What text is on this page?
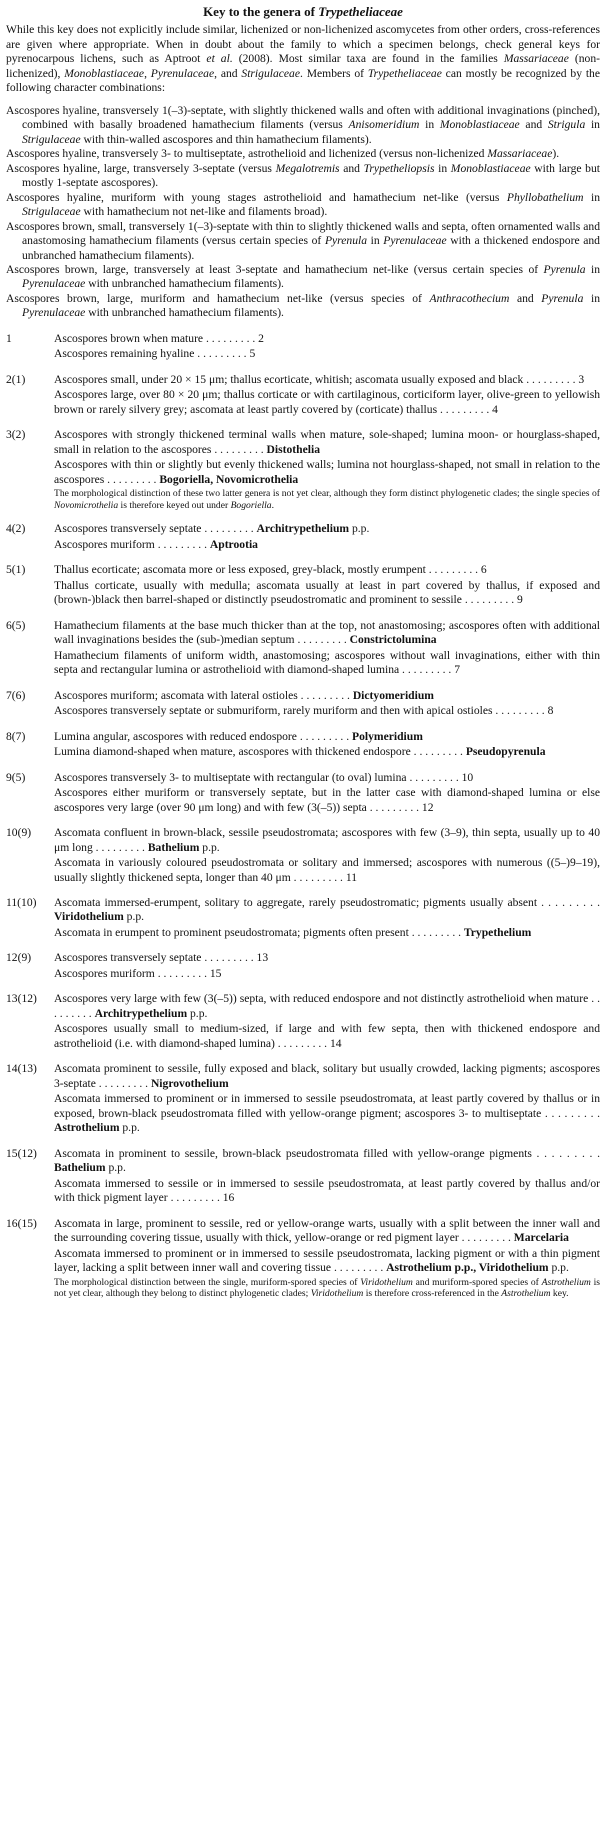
Key to the genera of Trypetheliaceae

While this key does not explicitly include similar, lichenized or non-lichenized ascomycetes from other orders, cross-references are given where appropriate. When in doubt about the family to which a specimen belongs, check general keys for pyrenocarpous lichens, such as Aptroot et al. (2008). Most similar taxa are found in the families Massariaceae (non-lichenized), Monoblastiaceae, Pyrenulaceae, and Strigulaceae. Members of Trypetheliaceae can mostly be recognized by the following character combinations:

Ascospores hyaline, transversely 1(–3)-septate, with slightly thickened walls and often with additional invaginations (pinched), combined with basally broadened hamathecium filaments (versus Anisomeridium in Monoblastiaceae and Strigula in Strigulaceae with thin-walled ascospores and thin hamathecium filaments).

Ascospores hyaline, transversely 3- to multiseptate, astrothelioid and lichenized (versus non-lichenized Massariaceae).

Ascospores hyaline, large, transversely 3-septate (versus Megalotremis and Trypetheliopsis in Monoblastiaceae with large but mostly 1-septate ascospores).

Ascospores hyaline, muriform with young stages astrothelioid and hamathecium net-like (versus Phyllobathelium in Strigulaceae with hamathecium not net-like and filaments broad).

Ascospores brown, small, transversely 1(–3)-septate with thin to slightly thickened walls and septa, often ornamented walls and anastomosing hamathecium filaments (versus certain species of Pyrenula in Pyrenulaceae with a thickened endospore and unbranched hamathecium filaments).

Ascospores brown, large, transversely at least 3-septate and hamathecium net-like (versus certain species of Pyrenula in Pyrenulaceae with unbranched hamathecium filaments).

Ascospores brown, large, muriform and hamathecium net-like (versus species of Anthracothecium and Pyrenula in Pyrenulaceae with unbranched hamathecium filaments).

1	Ascospores brown when mature . . . . . . . . . 2
Ascospores remaining hyaline . . . . . . . . . 5
2(1)	Ascospores small, under 20 × 15 μm; thallus ecorticate, whitish; ascomata usually exposed and black . . . . . . . . . 3
Ascospores large, over 80 × 20 μm; thallus corticate or with cartilaginous, corticiform layer, olive-green to yellowish brown or rarely silvery grey; ascomata at least partly covered by (corticate) thallus . . . . . . . . . 4
3(2)	Ascospores with strongly thickened terminal walls when mature, sole-shaped; lumina moon- or hourglass-shaped, small in relation to the ascospores . . . . . . . . . Distothelia
Ascospores with thin or slightly but evenly thickened walls; lumina not hourglass-shaped, not small in relation to the ascospores . . . . . . . . . Bogoriella, Novomicrothelia
The morphological distinction of these two latter genera is not yet clear, although they form distinct phylogenetic clades; the single species of Novomicrothelia is therefore keyed out under Bogoriella.
4(2)	Ascospores transversely septate . . . . . . . . . Architrypethelium p.p.
Ascospores muriform . . . . . . . . . Aptrootia
5(1)	Thallus ecorticate; ascomata more or less exposed, grey-black, mostly erumpent . . . . . . . . . 6
Thallus corticate, usually with medulla; ascomata usually at least in part covered by thallus, if exposed and (brown-)black then barrel-shaped or distinctly pseudostromatic and prominent to sessile . . . . . . . . . 9
6(5)	Hamathecium filaments at the base much thicker than at the top, not anastomosing; ascospores often with additional wall invaginations besides the (sub-)median septum . . . . . . . . . Constrictolumina
Hamathecium filaments of uniform width, anastomosing; ascospores without wall invaginations, either with thin septa and rectangular lumina or astrothelioid with diamond-shaped lumina . . . . . . . . . 7
7(6)	Ascospores muriform; ascomata with lateral ostioles . . . . . . . . . Dictyomeridium
Ascospores transversely septate or submuriform, rarely muriform and then with apical ostioles . . . . . . . . . 8
8(7)	Lumina angular, ascospores with reduced endospore . . . . . . . . . Polymeridium
Lumina diamond-shaped when mature, ascospores with thickened endospore . . . . . . . . . Pseudopyrenula
9(5)	Ascospores transversely 3- to multiseptate with rectangular (to oval) lumina . . . . . . . . . 10
Ascospores either muriform or transversely septate, but in the latter case with diamond-shaped lumina or else ascospores very large (over 90 μm long) and with few (3(–5)) septa . . . . . . . . . 12
10(9)	Ascomata confluent in brown-black, sessile pseudostromata; ascospores with few (3–9), thin septa, usually up to 40 μm long . . . . . . . . . Bathelium p.p.
Ascomata in variously coloured pseudostromata or solitary and immersed; ascospores with numerous ((5–)9–19), usually slightly thickened septa, longer than 40 μm . . . . . . . . . 11
11(10)	Ascomata immersed-erumpent, solitary to aggregate, rarely pseudostromatic; pigments usually absent . . . . . . . . . Viridothelium p.p.
Ascomata in erumpent to prominent pseudostromata; pigments often present . . . . . . . . . Trypethelium
12(9)	Ascospores transversely septate . . . . . . . . . 13
Ascospores muriform . . . . . . . . . 15
13(12)	Ascospores very large with few (3(–5)) septa, with reduced endospore and not distinctly astrothelioid when mature . . . . . . . . . Architrypethelium p.p.
Ascospores usually small to medium-sized, if large and with few septa, then with thickened endospore and astrothelioid (i.e. with diamond-shaped lumina) . . . . . . . . . 14
14(13)	Ascomata prominent to sessile, fully exposed and black, solitary but usually crowded, lacking pigments; ascospores 3-septate . . . . . . . . . Nigrovothelium
Ascomata immersed to prominent or in immersed to sessile pseudostromata, at least partly covered by thallus or in exposed, brown-black pseudostromata filled with yellow-orange pigment; ascospores 3- to multiseptate . . . . . . . . . Astrothelium p.p.
15(12)	Ascomata in prominent to sessile, brown-black pseudostromata filled with yellow-orange pigments . . . . . . . . . Bathelium p.p.
Ascomata immersed to sessile or in immersed to sessile pseudostromata, at least partly covered by thallus and/or with thick pigment layer . . . . . . . . . 16
16(15)	Ascomata in large, prominent to sessile, red or yellow-orange warts, usually with a split between the inner wall and the surrounding covering tissue, usually with thick, yellow-orange or red pigment layer . . . . . . . . . Marcelaria
Ascomata immersed to prominent or in immersed to sessile pseudostromata, lacking pigment or with a thin pigment layer, lacking a split between inner wall and covering tissue . . . . . . . . . Astrothelium p.p., Viridothelium p.p.
The morphological distinction between the single, muriform-spored species of Viridothelium and muriform-spored species of Astrothelium is not yet clear, although they belong to distinct phylogenetic clades; Viridothelium is therefore cross-referenced in the Astrothelium key.
